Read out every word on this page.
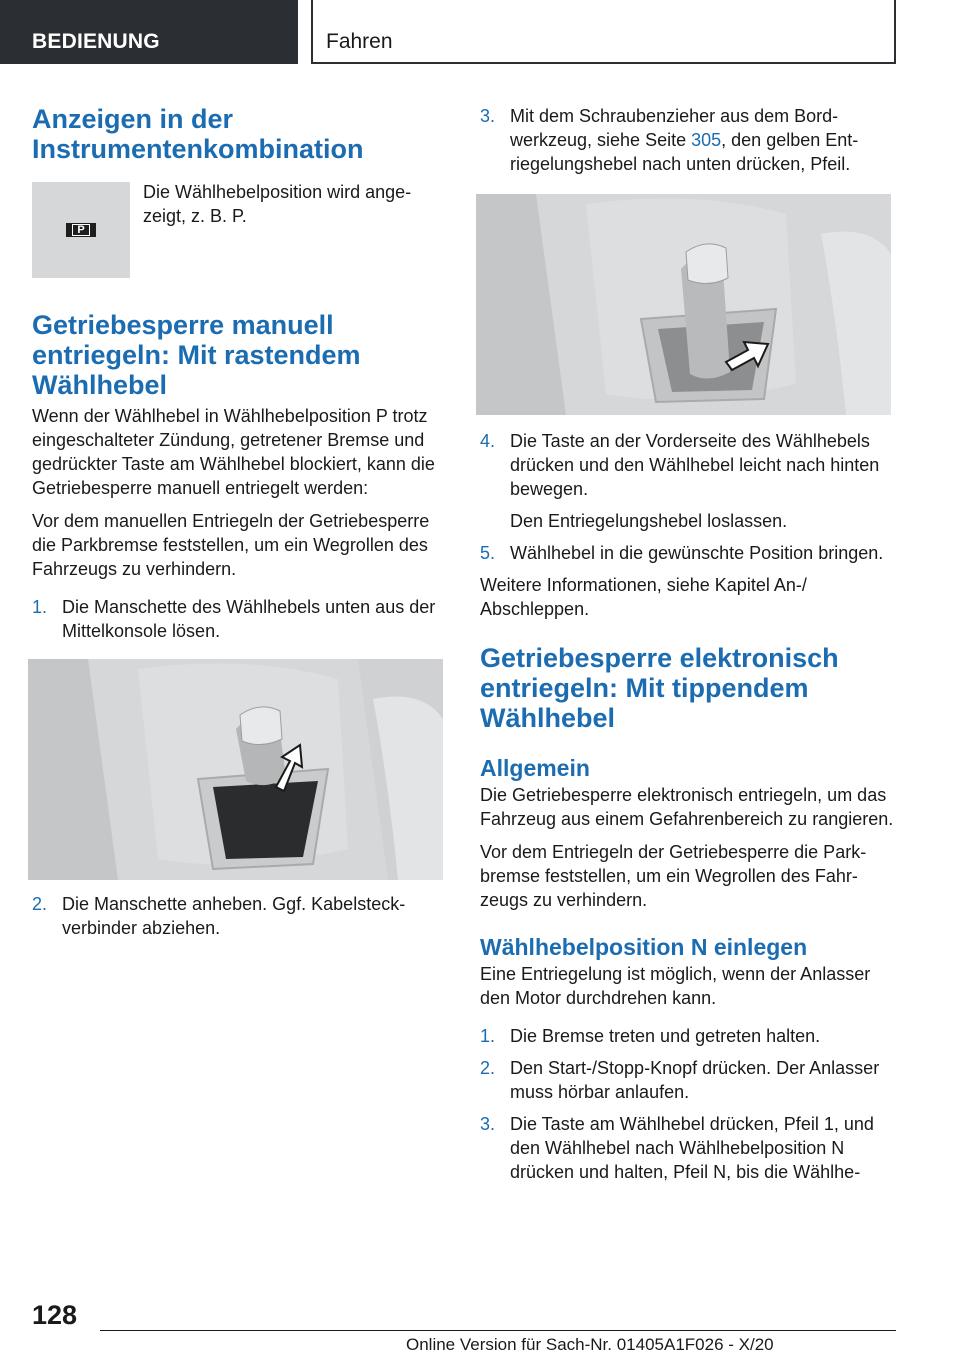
BEDIENUNG	Fahren
Anzeigen in der Instrumentenkombination
P
Die Wählhebelposition wird angezeigt, z. B. P.
Getriebesperre manuell entriegeln: Mit rastendem Wählhebel
Wenn der Wählhebel in Wählhebelposition P trotz eingeschalteter Zündung, getretener Bremse und gedrückter Taste am Wählhebel blockiert, kann die Getriebesperre manuell entriegelt werden:
Vor dem manuellen Entriegeln der Getriebesperre die Parkbremse feststellen, um ein Wegrollen des Fahrzeugs zu verhindern.
1. Die Manschette des Wählhebels unten aus der Mittelkonsole lösen.
2. Die Manschette anheben. Ggf. Kabelsteckverbinder abziehen.
3. Mit dem Schraubenzieher aus dem Bordwerkzeug, siehe Seite 305, den gelben Entriegelungshebel nach unten drücken, Pfeil.
4. Die Taste an der Vorderseite des Wählhebels drücken und den Wählhebel leicht nach hinten bewegen.
Den Entriegelungshebel loslassen.
5. Wählhebel in die gewünschte Position bringen.
Weitere Informationen, siehe Kapitel An-/ Abschleppen.
Getriebesperre elektronisch entriegeln: Mit tippendem Wählhebel
Allgemein
Die Getriebesperre elektronisch entriegeln, um das Fahrzeug aus einem Gefahrenbereich zu rangieren.
Vor dem Entriegeln der Getriebesperre die Parkbremse feststellen, um ein Wegrollen des Fahrzeugs zu verhindern.
Wählhebelposition N einlegen
Eine Entriegelung ist möglich, wenn der Anlasser den Motor durchdrehen kann.
1. Die Bremse treten und getreten halten.
2. Den Start-/Stopp-Knopf drücken. Der Anlasser muss hörbar anlaufen.
3. Die Taste am Wählhebel drücken, Pfeil 1, und den Wählhebel nach Wählhebelposition N drücken und halten, Pfeil N, bis die Wählhe-
128
Online Version für Sach-Nr. 01405A1F026 - X/20
